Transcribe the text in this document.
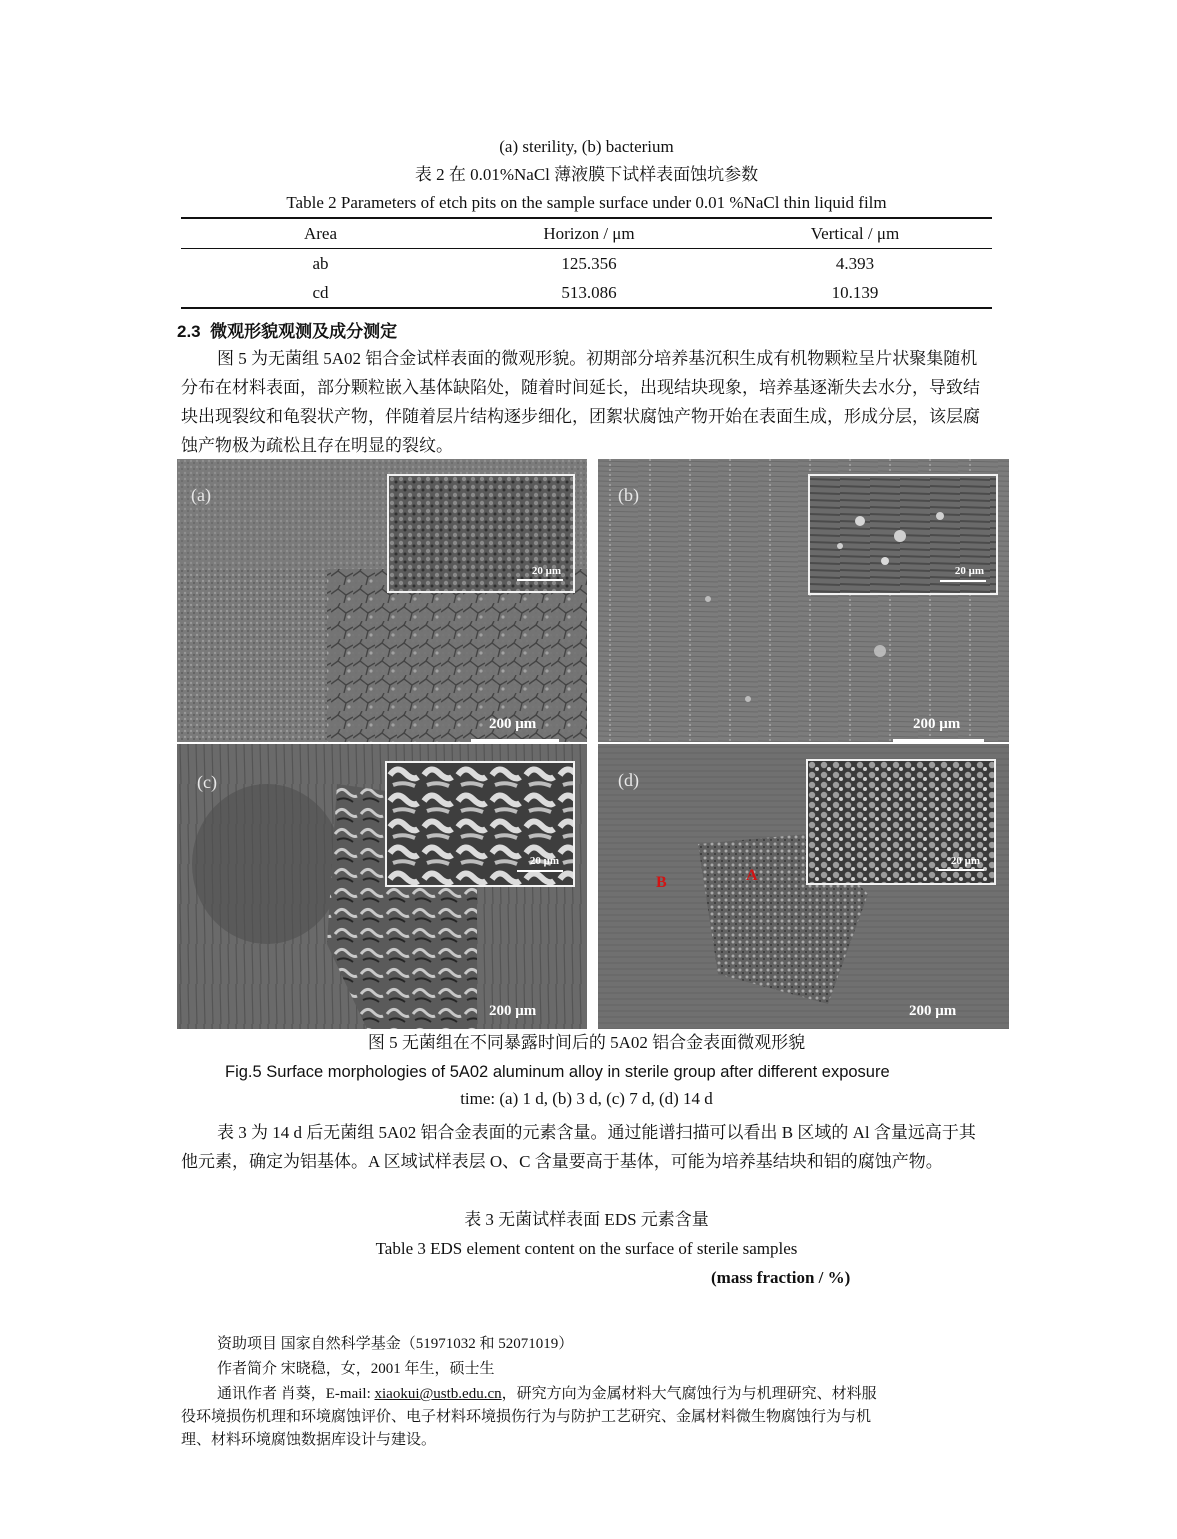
(a) sterility, (b) bacterium
表 2 在 0.01%NaCl 薄液膜下试样表面蚀坑参数
Table 2 Parameters of etch pits on the sample surface under 0.01 %NaCl thin liquid film
Area	Horizon / μm	Vertical / μm
ab	125.356	4.393
cd	513.086	10.139
2.3 微观形貌观测及成分测定
图 5 为无菌组 5A02 铝合金试样表面的微观形貌。初期部分培养基沉积生成有机物颗粒呈片状聚集随机分布在材料表面，部分颗粒嵌入基体缺陷处，随着时间延长，出现结块现象，培养基逐渐失去水分，导致结块出现裂纹和龟裂状产物，伴随着层片结构逐步细化，团絮状腐蚀产物开始在表面生成，形成分层，该层腐蚀产物极为疏松且存在明显的裂纹。
(a)
20 μm
200 μm
(b)
20 μm
200 μm
(c)
20 μm
200 μm
(d)
20 μm
B	A
200 μm
图 5 无菌组在不同暴露时间后的 5A02 铝合金表面微观形貌
Fig.5 Surface morphologies of 5A02 aluminum alloy in sterile group after different exposure
time: (a) 1 d, (b) 3 d, (c) 7 d, (d) 14 d
表 3 为 14 d 后无菌组 5A02 铝合金表面的元素含量。通过能谱扫描可以看出 B 区域的 Al 含量远高于其他元素，确定为铝基体。A 区域试样表层 O、C 含量要高于基体，可能为培养基结块和铝的腐蚀产物。
表 3 无菌试样表面 EDS 元素含量
Table 3 EDS element content on the surface of sterile samples
(mass fraction / %)
资助项目 国家自然科学基金（51971032 和 52071019）
作者简介 宋晓稳，女，2001 年生，硕士生
通讯作者 肖葵，E-mail: xiaokui@ustb.edu.cn，研究方向为金属材料大气腐蚀行为与机理研究、材料服
役环境损伤机理和环境腐蚀评价、电子材料环境损伤行为与防护工艺研究、金属材料微生物腐蚀行为与机
理、材料环境腐蚀数据库设计与建设。
